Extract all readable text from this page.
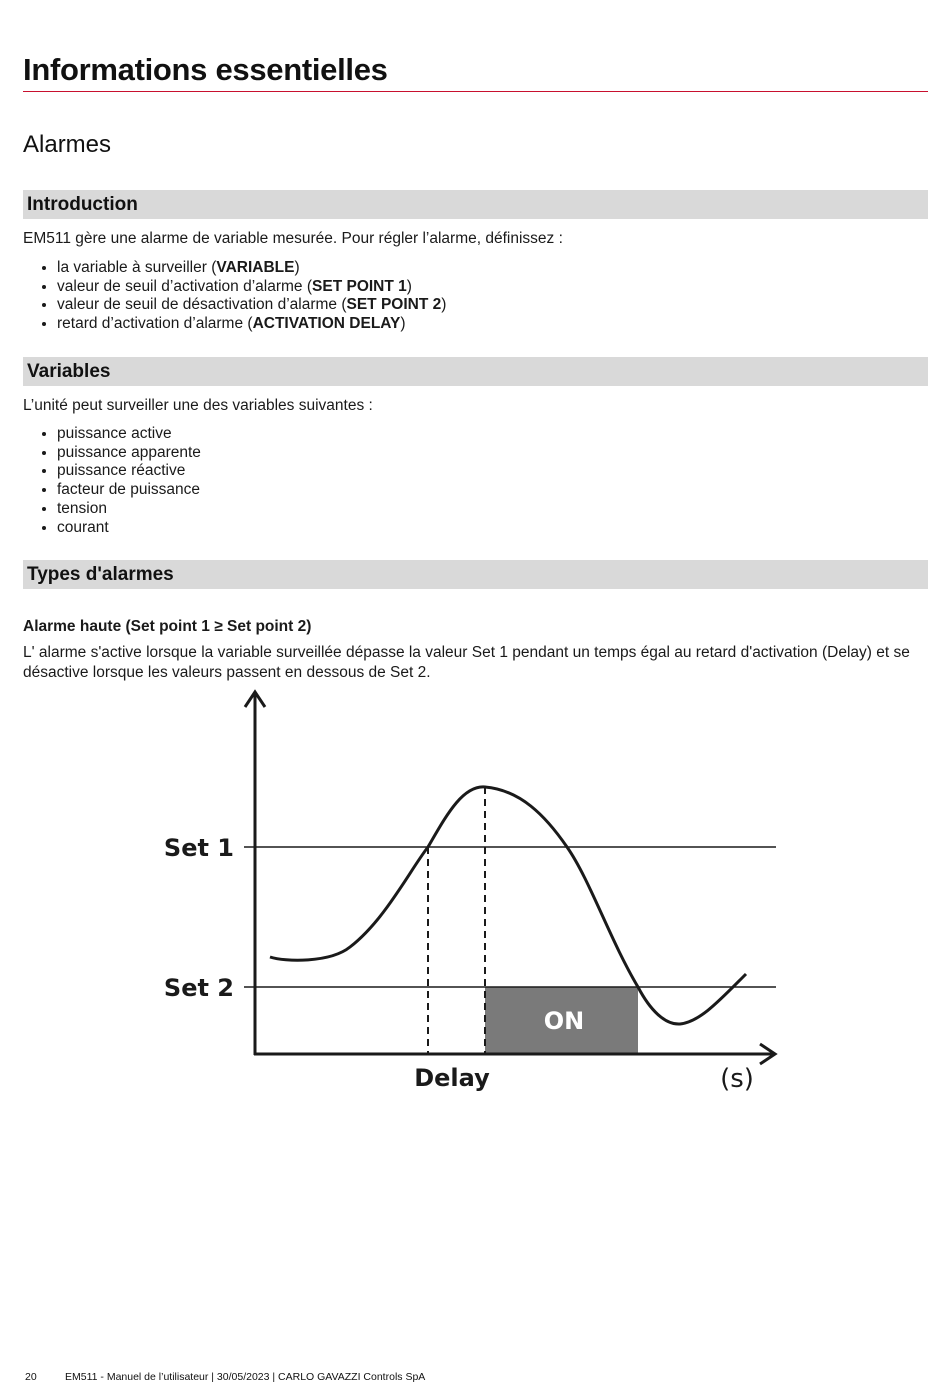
Informations essentielles
Alarmes
Introduction

EM511 gère une alarme de variable mesurée. Pour régler l’alarme, définissez :

• la variable à surveiller (VARIABLE)
• valeur de seuil d’activation d’alarme (SET POINT 1)
• valeur de seuil de désactivation d’alarme (SET POINT 2)
• retard d’activation d’alarme (ACTIVATION DELAY)
Variables

L’unité peut surveiller une des variables suivantes :

• puissance active
• puissance apparente
• puissance réactive
• facteur de puissance
• tension
• courant
Types d'alarmes

Alarme haute (Set point 1 ≥ Set point 2)

L' alarme s'active lorsque la variable surveillée dépasse la valeur Set 1 pendant un temps égal au retard d'activation (Delay) et se désactive lorsque les valeurs passent en dessous de Set 2.

Set 1
Set 2
ON
Delay	(s)
20	EM511 - Manuel de l’utilisateur | 30/05/2023 | CARLO GAVAZZI Controls SpA
